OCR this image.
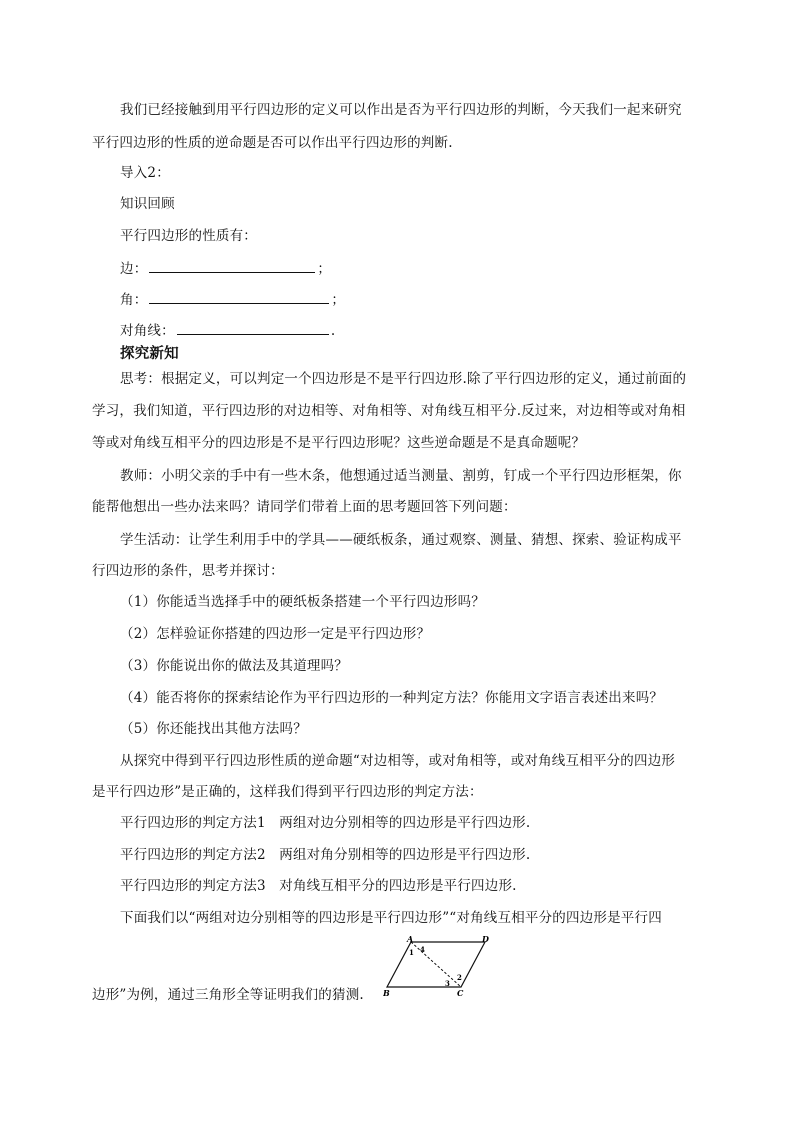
我们已经接触到用平行四边形的定义可以作出是否为平行四边形的判断，今天我们一起来研究
平行四边形的性质的逆命题是否可以作出平行四边形的判断.
导入2：
知识回顾
平行四边形的性质有：
边：	；
角：	；
对角线：	.
探究新知
思考：根据定义，可以判定一个四边形是不是平行四边形.除了平行四边形的定义，通过前面的
学习，我们知道，平行四边形的对边相等、对角相等、对角线互相平分.反过来，对边相等或对角相
等或对角线互相平分的四边形是不是平行四边形呢？这些逆命题是不是真命题呢？
教师：小明父亲的手中有一些木条，他想通过适当测量、割剪，钉成一个平行四边形框架，你
能帮他想出一些办法来吗？请同学们带着上面的思考题回答下列问题：
学生活动：让学生利用手中的学具——硬纸板条，通过观察、测量、猜想、探索、验证构成平
行四边形的条件，思考并探讨：
（1）你能适当选择手中的硬纸板条搭建一个平行四边形吗？
（2）怎样验证你搭建的四边形一定是平行四边形？
（3）你能说出你的做法及其道理吗？
（4）能否将你的探索结论作为平行四边形的一种判定方法？你能用文字语言表述出来吗？
（5）你还能找出其他方法吗？
从探究中得到平行四边形性质的逆命题“对边相等，或对角相等，或对角线互相平分的四边形
是平行四边形”是正确的，这样我们得到平行四边形的判定方法：
平行四边形的判定方法1   两组对边分别相等的四边形是平行四边形.
平行四边形的判定方法2   两组对角分别相等的四边形是平行四边形.
平行四边形的判定方法3   对角线互相平分的四边形是平行四边形.
下面我们以“两组对边分别相等的四边形是平行四边形”“对角线互相平分的四边形是平行四
边形”为例，通过三角形全等证明我们的猜测.
A	D
B	C
1 4
2
3
